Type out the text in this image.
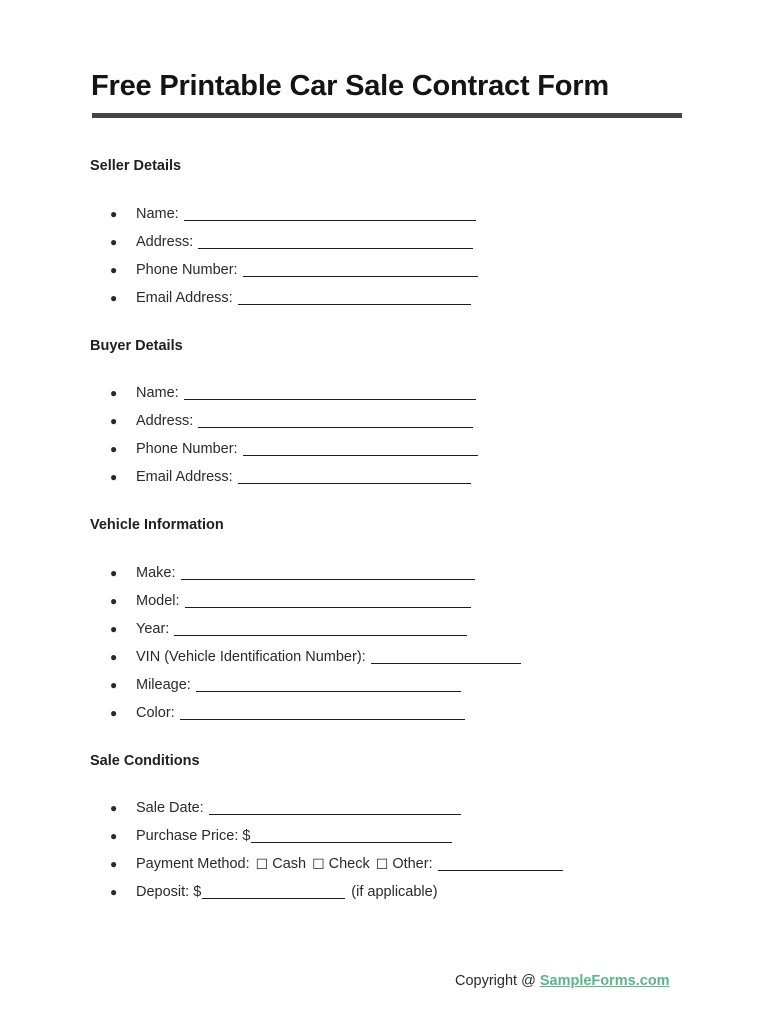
Free Printable Car Sale Contract Form
Seller Details
●	Name:
●	Address:
●	Phone Number:
●	Email Address:
Buyer Details
●	Name:
●	Address:
●	Phone Number:
●	Email Address:
Vehicle Information
●	Make:
●	Model:
●	Year:
●	VIN (Vehicle Identification Number):
●	Mileage:
●	Color:
Sale Conditions
●	Sale Date:
●	Purchase Price: $
●	Payment Method: ☐ Cash ☐ Check ☐ Other:
●	Deposit: $	(if applicable)
Copyright @ SampleForms.com
